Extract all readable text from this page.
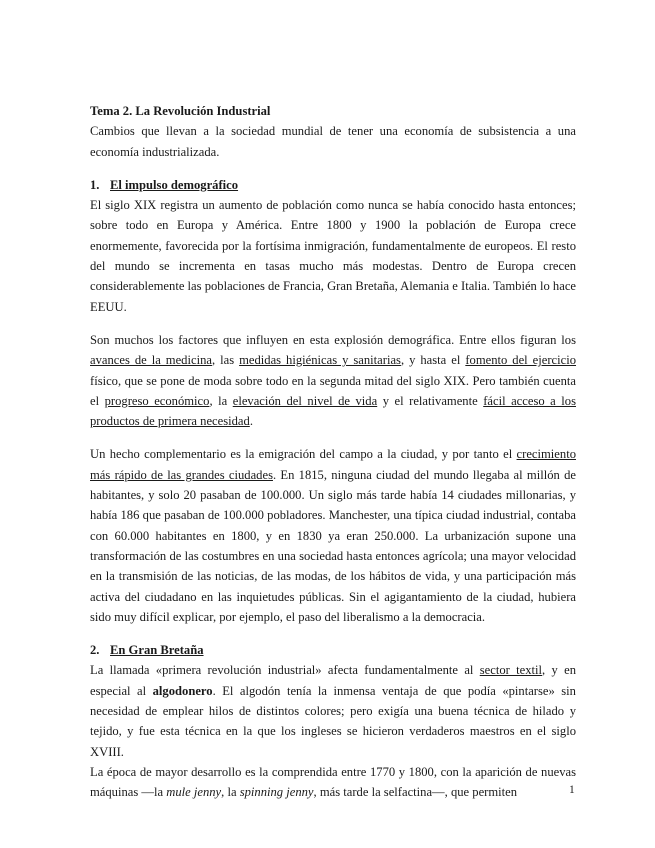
Tema 2. La Revolución Industrial

Cambios que llevan a la sociedad mundial de tener una economía de subsistencia a una economía industrializada.

1. El impulso demográfico

El siglo XIX registra un aumento de población como nunca se había conocido hasta entonces; sobre todo en Europa y América. Entre 1800 y 1900 la población de Europa crece enormemente, favorecida por la fortísima inmigración, fundamentalmente de europeos. El resto del mundo se incrementa en tasas mucho más modestas. Dentro de Europa crecen considerablemente las poblaciones de Francia, Gran Bretaña, Alemania e Italia. También lo hace EEUU.

Son muchos los factores que influyen en esta explosión demográfica. Entre ellos figuran los avances de la medicina, las medidas higiénicas y sanitarias, y hasta el fomento del ejercicio físico, que se pone de moda sobre todo en la segunda mitad del siglo XIX. Pero también cuenta el progreso económico, la elevación del nivel de vida y el relativamente fácil acceso a los productos de primera necesidad.

Un hecho complementario es la emigración del campo a la ciudad, y por tanto el crecimiento más rápido de las grandes ciudades. En 1815, ninguna ciudad del mundo llegaba al millón de habitantes, y solo 20 pasaban de 100.000. Un siglo más tarde había 14 ciudades millonarias, y había 186 que pasaban de 100.000 pobladores. Manchester, una típica ciudad industrial, contaba con 60.000 habitantes en 1800, y en 1830 ya eran 250.000. La urbanización supone una transformación de las costumbres en una sociedad hasta entonces agrícola; una mayor velocidad en la transmisión de las noticias, de las modas, de los hábitos de vida, y una participación más activa del ciudadano en las inquietudes públicas. Sin el agigantamiento de la ciudad, hubiera sido muy difícil explicar, por ejemplo, el paso del liberalismo a la democracia.

2. En Gran Bretaña

La llamada «primera revolución industrial» afecta fundamentalmente al sector textil, y en especial al algodonero. El algodón tenía la inmensa ventaja de que podía «pintarse» sin necesidad de emplear hilos de distintos colores; pero exigía una buena técnica de hilado y tejido, y fue esta técnica en la que los ingleses se hicieron verdaderos maestros en el siglo XVIII.

La época de mayor desarrollo es la comprendida entre 1770 y 1800, con la aparición de nuevas máquinas —la mule jenny, la spinning jenny, más tarde la selfactina—, que permiten	1
